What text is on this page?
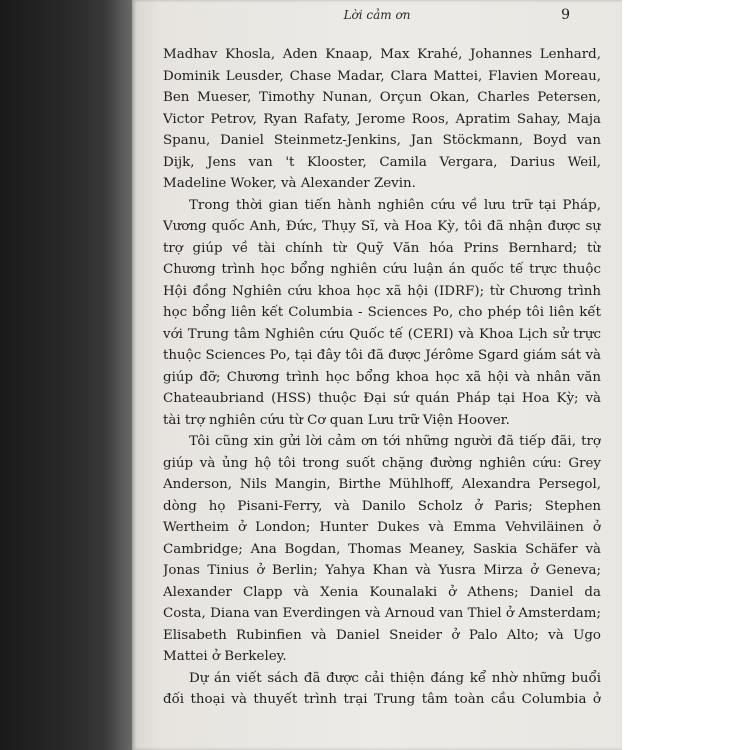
Lời cảm ơn	9
Madhav Khosla, Aden Knaap, Max Krahé, Johannes Lenhard,
Dominik Leusder, Chase Madar, Clara Mattei, Flavien Moreau,
Ben Mueser, Timothy Nunan, Orçun Okan, Charles Petersen,
Victor Petrov, Ryan Rafaty, Jerome Roos, Apratim Sahay, Maja
Spanu, Daniel Steinmetz-Jenkins, Jan Stöckmann, Boyd van
Dijk, Jens van 't Klooster, Camila Vergara, Darius Weil,
Madeline Woker, và Alexander Zevin.
Trong thời gian tiến hành nghiên cứu về lưu trữ tại Pháp,
Vương quốc Anh, Đức, Thụy Sĩ, và Hoa Kỳ, tôi đã nhận được sự
trợ giúp về tài chính từ Quỹ Văn hóa Prins Bernhard; từ
Chương trình học bổng nghiên cứu luận án quốc tế trực thuộc
Hội đồng Nghiên cứu khoa học xã hội (IDRF); từ Chương trình
học bổng liên kết Columbia - Sciences Po, cho phép tôi liên kết
với Trung tâm Nghiên cứu Quốc tế (CERI) và Khoa Lịch sử trực
thuộc Sciences Po, tại đây tôi đã được Jérôme Sgard giám sát và
giúp đỡ; Chương trình học bổng khoa học xã hội và nhân văn
Chateaubriand (HSS) thuộc Đại sứ quán Pháp tại Hoa Kỳ; và
tài trợ nghiên cứu từ Cơ quan Lưu trữ Viện Hoover.
Tôi cũng xin gửi lời cảm ơn tới những người đã tiếp đãi, trợ
giúp và ủng hộ tôi trong suốt chặng đường nghiên cứu: Grey
Anderson, Nils Mangin, Birthe Mühlhoff, Alexandra Persegol,
dòng họ Pisani-Ferry, và Danilo Scholz ở Paris; Stephen
Wertheim ở London; Hunter Dukes và Emma Vehviläinen ở
Cambridge; Ana Bogdan, Thomas Meaney, Saskia Schäfer và
Jonas Tinius ở Berlin; Yahya Khan và Yusra Mirza ở Geneva;
Alexander Clapp và Xenia Kounalaki ở Athens; Daniel da
Costa, Diana van Everdingen và Arnoud van Thiel ở Amsterdam;
Elisabeth Rubinfien và Daniel Sneider ở Palo Alto; và Ugo
Mattei ở Berkeley.
Dự án viết sách đã được cải thiện đáng kể nhờ những buổi
đối thoại và thuyết trình trại Trung tâm toàn cầu Columbia ở
